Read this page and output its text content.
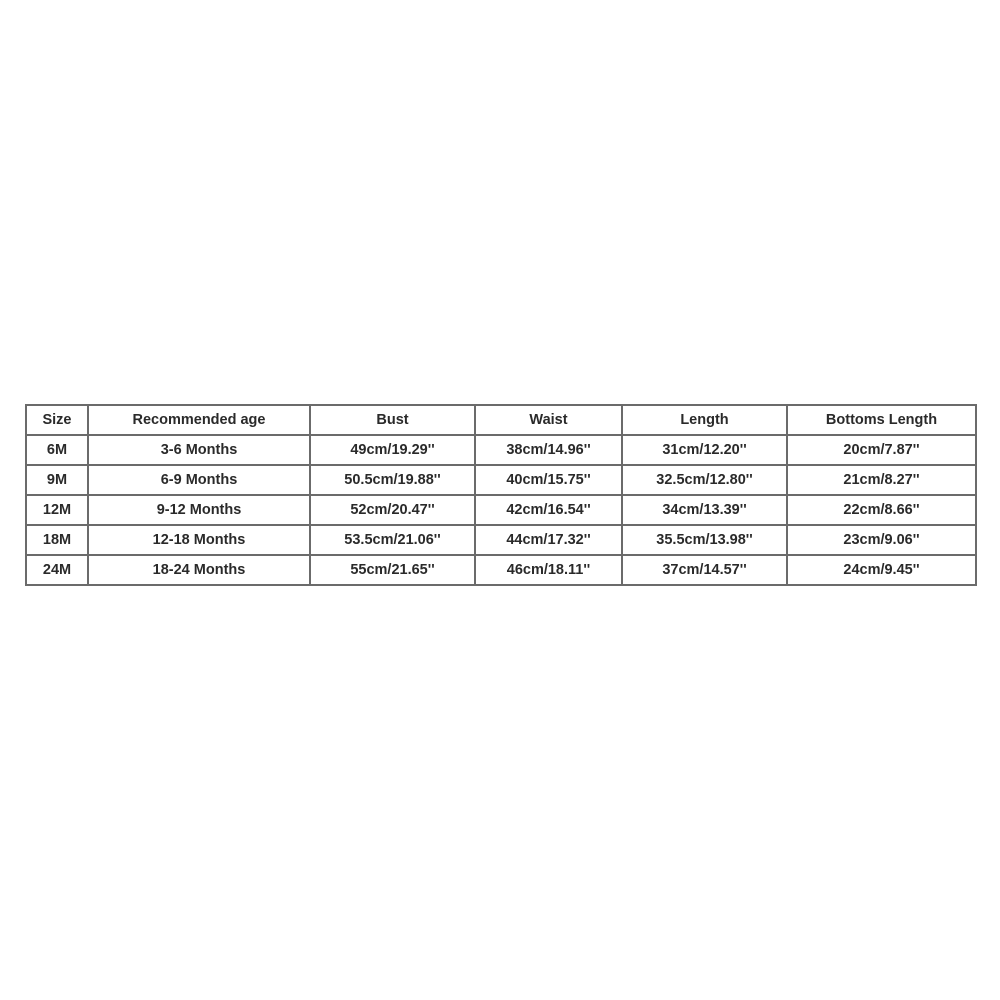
Size	Recommended age	Bust	Waist	Length	Bottoms Length
6M	3-6 Months	49cm/19.29''	38cm/14.96''	31cm/12.20''	20cm/7.87''
9M	6-9 Months	50.5cm/19.88''	40cm/15.75''	32.5cm/12.80''	21cm/8.27''
12M	9-12 Months	52cm/20.47''	42cm/16.54''	34cm/13.39''	22cm/8.66''
18M	12-18 Months	53.5cm/21.06''	44cm/17.32''	35.5cm/13.98''	23cm/9.06''
24M	18-24 Months	55cm/21.65''	46cm/18.11''	37cm/14.57''	24cm/9.45''
